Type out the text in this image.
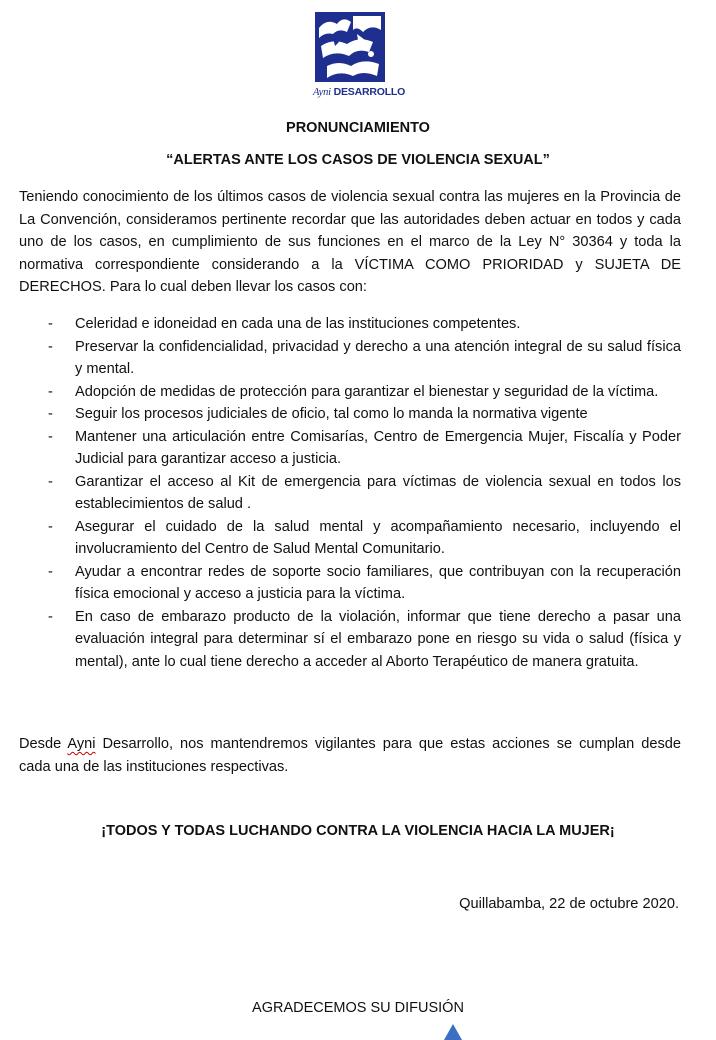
Ayni DESARROLLO
PRONUNCIAMIENTO
“ALERTAS ANTE LOS CASOS DE VIOLENCIA SEXUAL”

Teniendo conocimiento de los últimos casos de violencia sexual contra las mujeres en la Provincia de La Convención, consideramos pertinente recordar que las autoridades deben actuar en todos y cada uno de los casos, en cumplimiento de sus funciones en el marco de la Ley N° 30364 y toda la normativa correspondiente considerando a la VÍCTIMA COMO PRIORIDAD y SUJETA DE DERECHOS. Para lo cual deben llevar los casos con:

- Celeridad e idoneidad en cada una de las instituciones competentes.
- Preservar la confidencialidad, privacidad y derecho a una atención integral de su salud física y mental.
- Adopción de medidas de protección para garantizar el bienestar y seguridad de la víctima.
- Seguir los procesos judiciales de oficio, tal como lo manda la normativa vigente
- Mantener una articulación entre Comisarías, Centro de Emergencia Mujer, Fiscalía y Poder Judicial para garantizar acceso a justicia.
- Garantizar el acceso al Kit de emergencia para víctimas de violencia sexual en todos los establecimientos de salud .
- Asegurar el cuidado de la salud mental y acompañamiento necesario, incluyendo el involucramiento del Centro de Salud Mental Comunitario.
- Ayudar a encontrar redes de soporte socio familiares, que contribuyan con la recuperación física emocional y acceso a justicia para la víctima.
- En caso de embarazo producto de la violación, informar que tiene derecho a pasar una evaluación integral para determinar sí el embarazo pone en riesgo su vida o salud (física y mental), ante lo cual tiene derecho a acceder al Aborto Terapéutico de manera gratuita.

Desde Ayni Desarrollo, nos mantendremos vigilantes para que estas acciones se cumplan desde cada una de las instituciones respectivas.

¡TODOS Y TODAS LUCHANDO CONTRA LA VIOLENCIA HACIA LA MUJER¡

Quillabamba, 22 de octubre 2020.

AGRADECEMOS SU DIFUSIÓN
